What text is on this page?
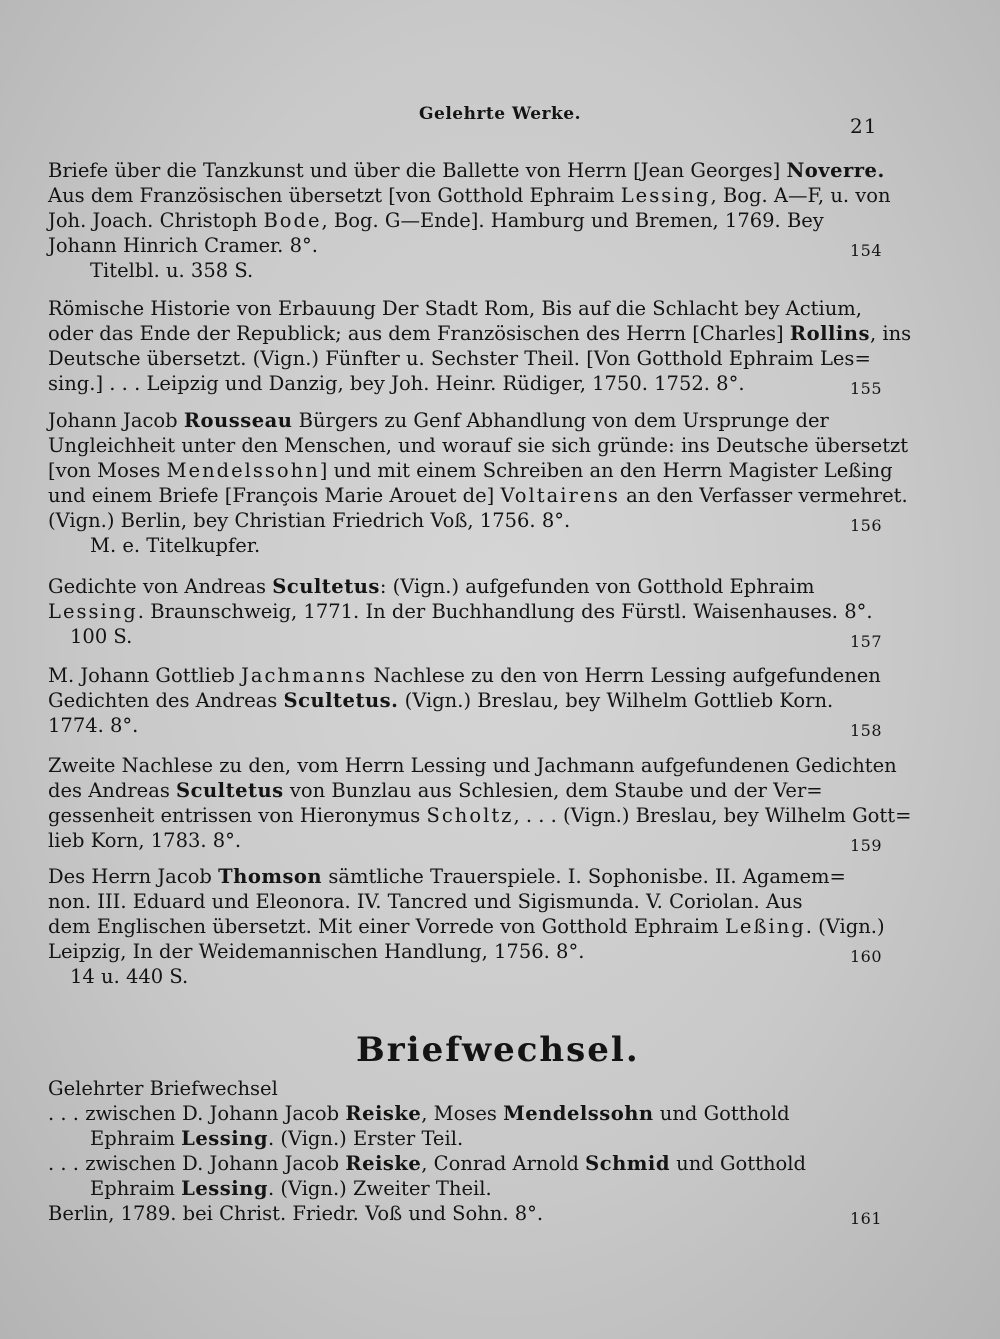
Gelehrte Werke.	21
Briefe über die Tanzkunst und über die Ballette von Herrn [Jean Georges] Noverre.
Aus dem Französischen übersetzt [von Gotthold Ephraim Lessing, Bog. A—F, u. von
Joh. Joach. Christoph Bode, Bog. G—Ende]. Hamburg und Bremen, 1769. Bey
Johann Hinrich Cramer. 8°.	154
Titelbl. u. 358 S.
Römische Historie von Erbauung Der Stadt Rom, Bis auf die Schlacht bey Actium,
oder das Ende der Republick; aus dem Französischen des Herrn [Charles] Rollins, ins
Deutsche übersetzt. (Vign.) Fünfter u. Sechster Theil. [Von Gotthold Ephraim Les=
sing.] . . . Leipzig und Danzig, bey Joh. Heinr. Rüdiger, 1750. 1752. 8°.	155
Johann Jacob Rousseau Bürgers zu Genf Abhandlung von dem Ursprunge der
Ungleichheit unter den Menschen, und worauf sie sich gründe: ins Deutsche übersetzt
[von Moses Mendelssohn] und mit einem Schreiben an den Herrn Magister Leßing
und einem Briefe [François Marie Arouet de] Voltairens an den Verfasser vermehret.
(Vign.) Berlin, bey Christian Friedrich Voß, 1756. 8°.	156
M. e. Titelkupfer.
Gedichte von Andreas Scultetus: (Vign.) aufgefunden von Gotthold Ephraim
Lessing. Braunschweig, 1771. In der Buchhandlung des Fürstl. Waisenhauses. 8°.
100 S.	157
M. Johann Gottlieb Jachmanns Nachlese zu den von Herrn Lessing aufgefundenen
Gedichten des Andreas Scultetus. (Vign.) Breslau, bey Wilhelm Gottlieb Korn.
1774. 8°.	158
Zweite Nachlese zu den, vom Herrn Lessing und Jachmann aufgefundenen Gedichten
des Andreas Scultetus von Bunzlau aus Schlesien, dem Staube und der Ver=
gessenheit entrissen von Hieronymus Scholtz, . . . (Vign.) Breslau, bey Wilhelm Gott=
lieb Korn, 1783. 8°.	159
Des Herrn Jacob Thomson sämtliche Trauerspiele. I. Sophonisbe. II. Agamem=
non. III. Eduard und Eleonora. IV. Tancred und Sigismunda. V. Coriolan. Aus
dem Englischen übersetzt. Mit einer Vorrede von Gotthold Ephraim Leßing. (Vign.)
Leipzig, In der Weidemannischen Handlung, 1756. 8°.	160
14 u. 440 S.
Briefwechsel.
Gelehrter Briefwechsel
. . . zwischen D. Johann Jacob Reiske, Moses Mendelssohn und Gotthold
Ephraim Lessing. (Vign.) Erster Teil.
. . . zwischen D. Johann Jacob Reiske, Conrad Arnold Schmid und Gotthold
Ephraim Lessing. (Vign.) Zweiter Theil.
Berlin, 1789. bei Christ. Friedr. Voß und Sohn. 8°.	161
